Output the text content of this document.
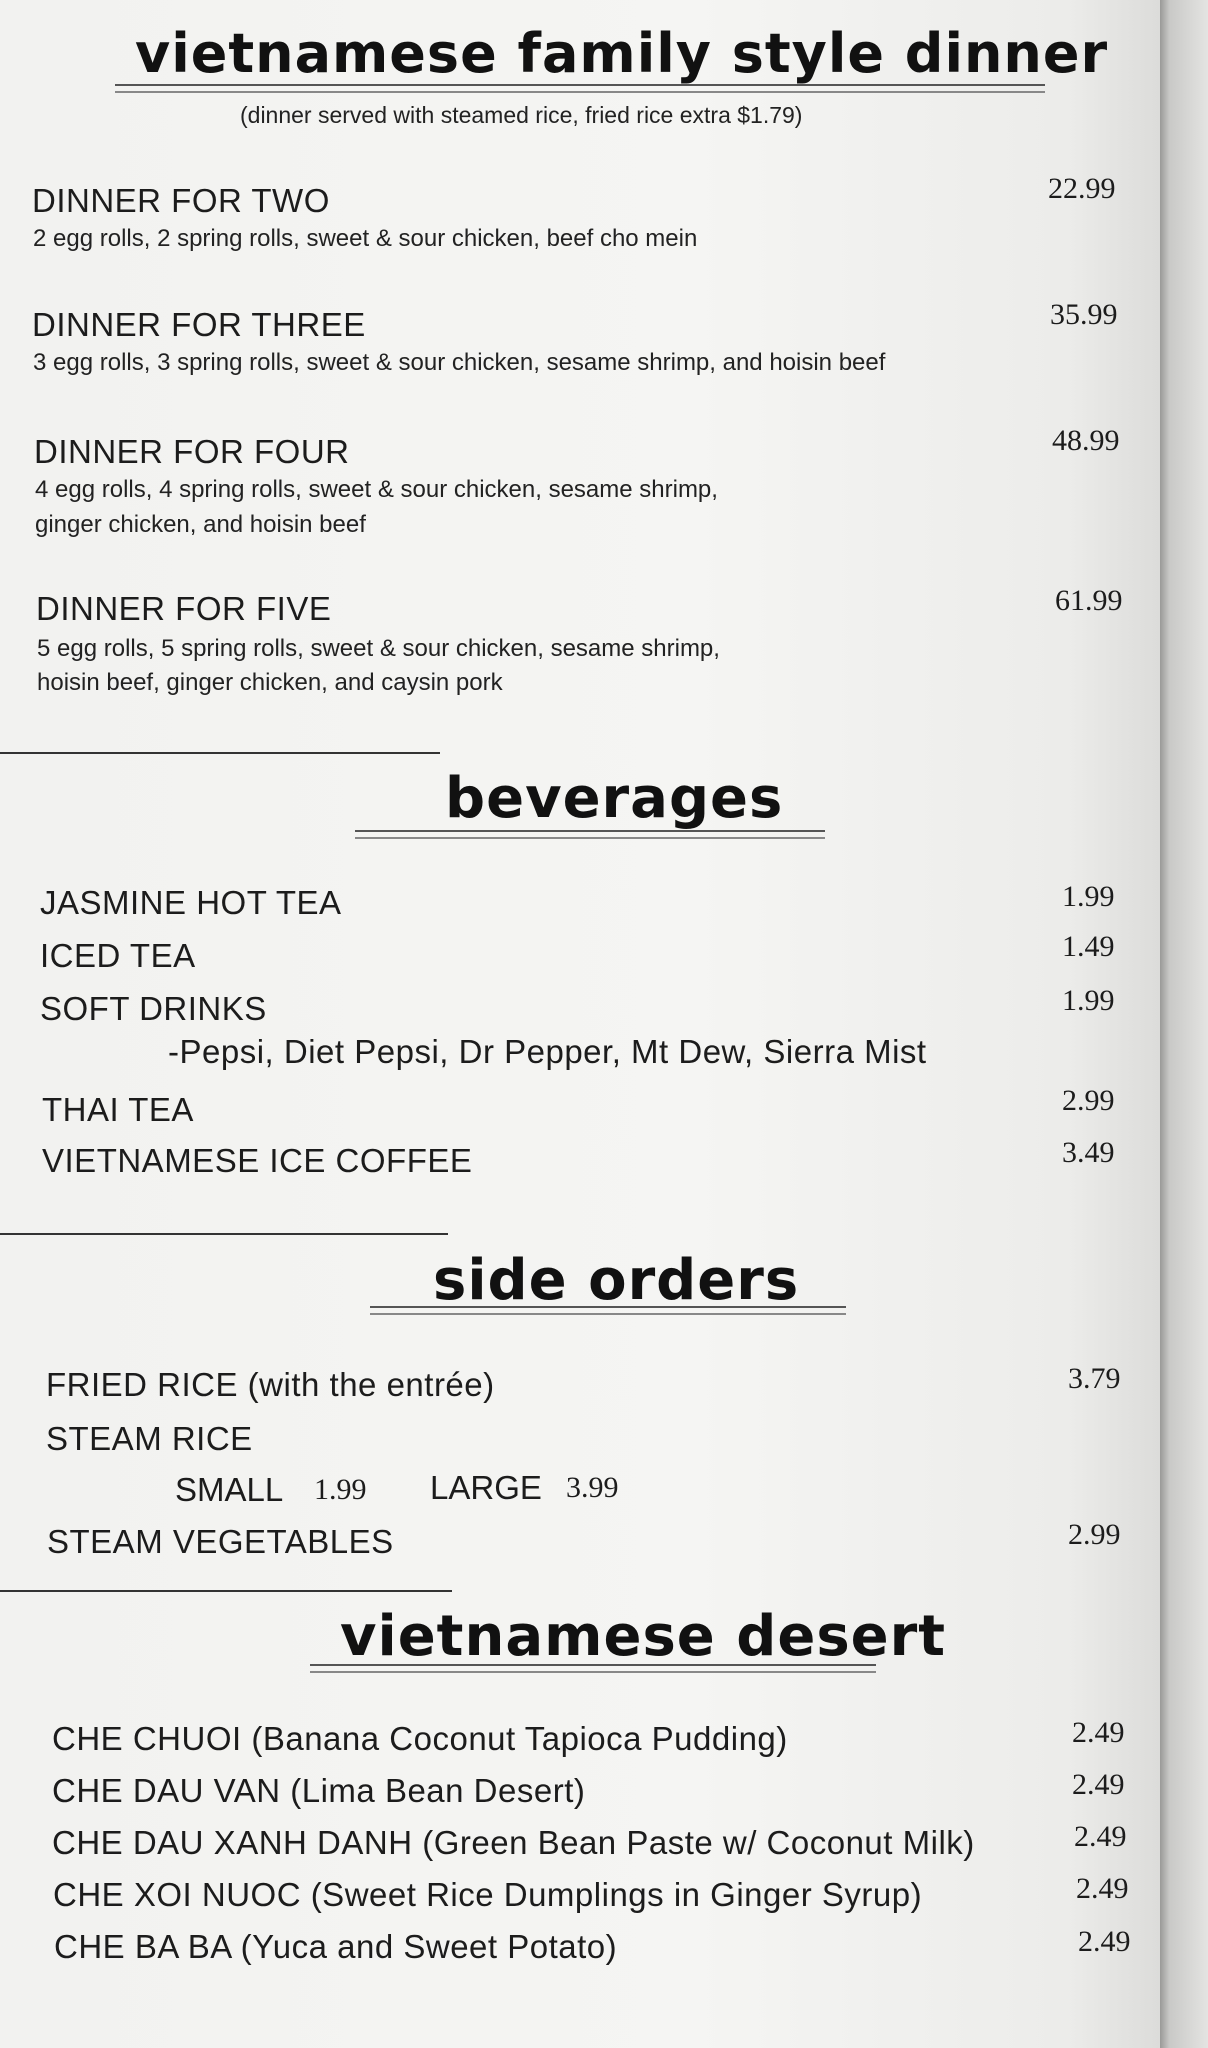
vietnamese family style dinner
(dinner served with steamed rice, fried rice extra $1.79)
DINNER FOR TWO	22.99
2 egg rolls, 2 spring rolls, sweet & sour chicken, beef cho mein
DINNER FOR THREE	35.99
3 egg rolls, 3 spring rolls, sweet & sour chicken, sesame shrimp, and hoisin beef
DINNER FOR FOUR	48.99
4 egg rolls, 4 spring rolls, sweet & sour chicken, sesame shrimp,
ginger chicken, and hoisin beef
DINNER FOR FIVE	61.99
5 egg rolls, 5 spring rolls, sweet & sour chicken, sesame shrimp,
hoisin beef, ginger chicken, and caysin pork
beverages
JASMINE HOT TEA	1.99
ICED TEA	1.49
SOFT DRINKS	1.99
-Pepsi, Diet Pepsi, Dr Pepper, Mt Dew, Sierra Mist
THAI TEA	2.99
VIETNAMESE ICE COFFEE	3.49
side orders
FRIED RICE (with the entrée)	3.79
STEAM RICE
SMALL 1.99 LARGE 3.99
STEAM VEGETABLES	2.99
vietnamese desert
CHE CHUOI (Banana Coconut Tapioca Pudding)	2.49
CHE DAU VAN (Lima Bean Desert)	2.49
CHE DAU XANH DANH (Green Bean Paste w/ Coconut Milk)	2.49
CHE XOI NUOC (Sweet Rice Dumplings in Ginger Syrup)	2.49
CHE BA BA (Yuca and Sweet Potato)	2.49
